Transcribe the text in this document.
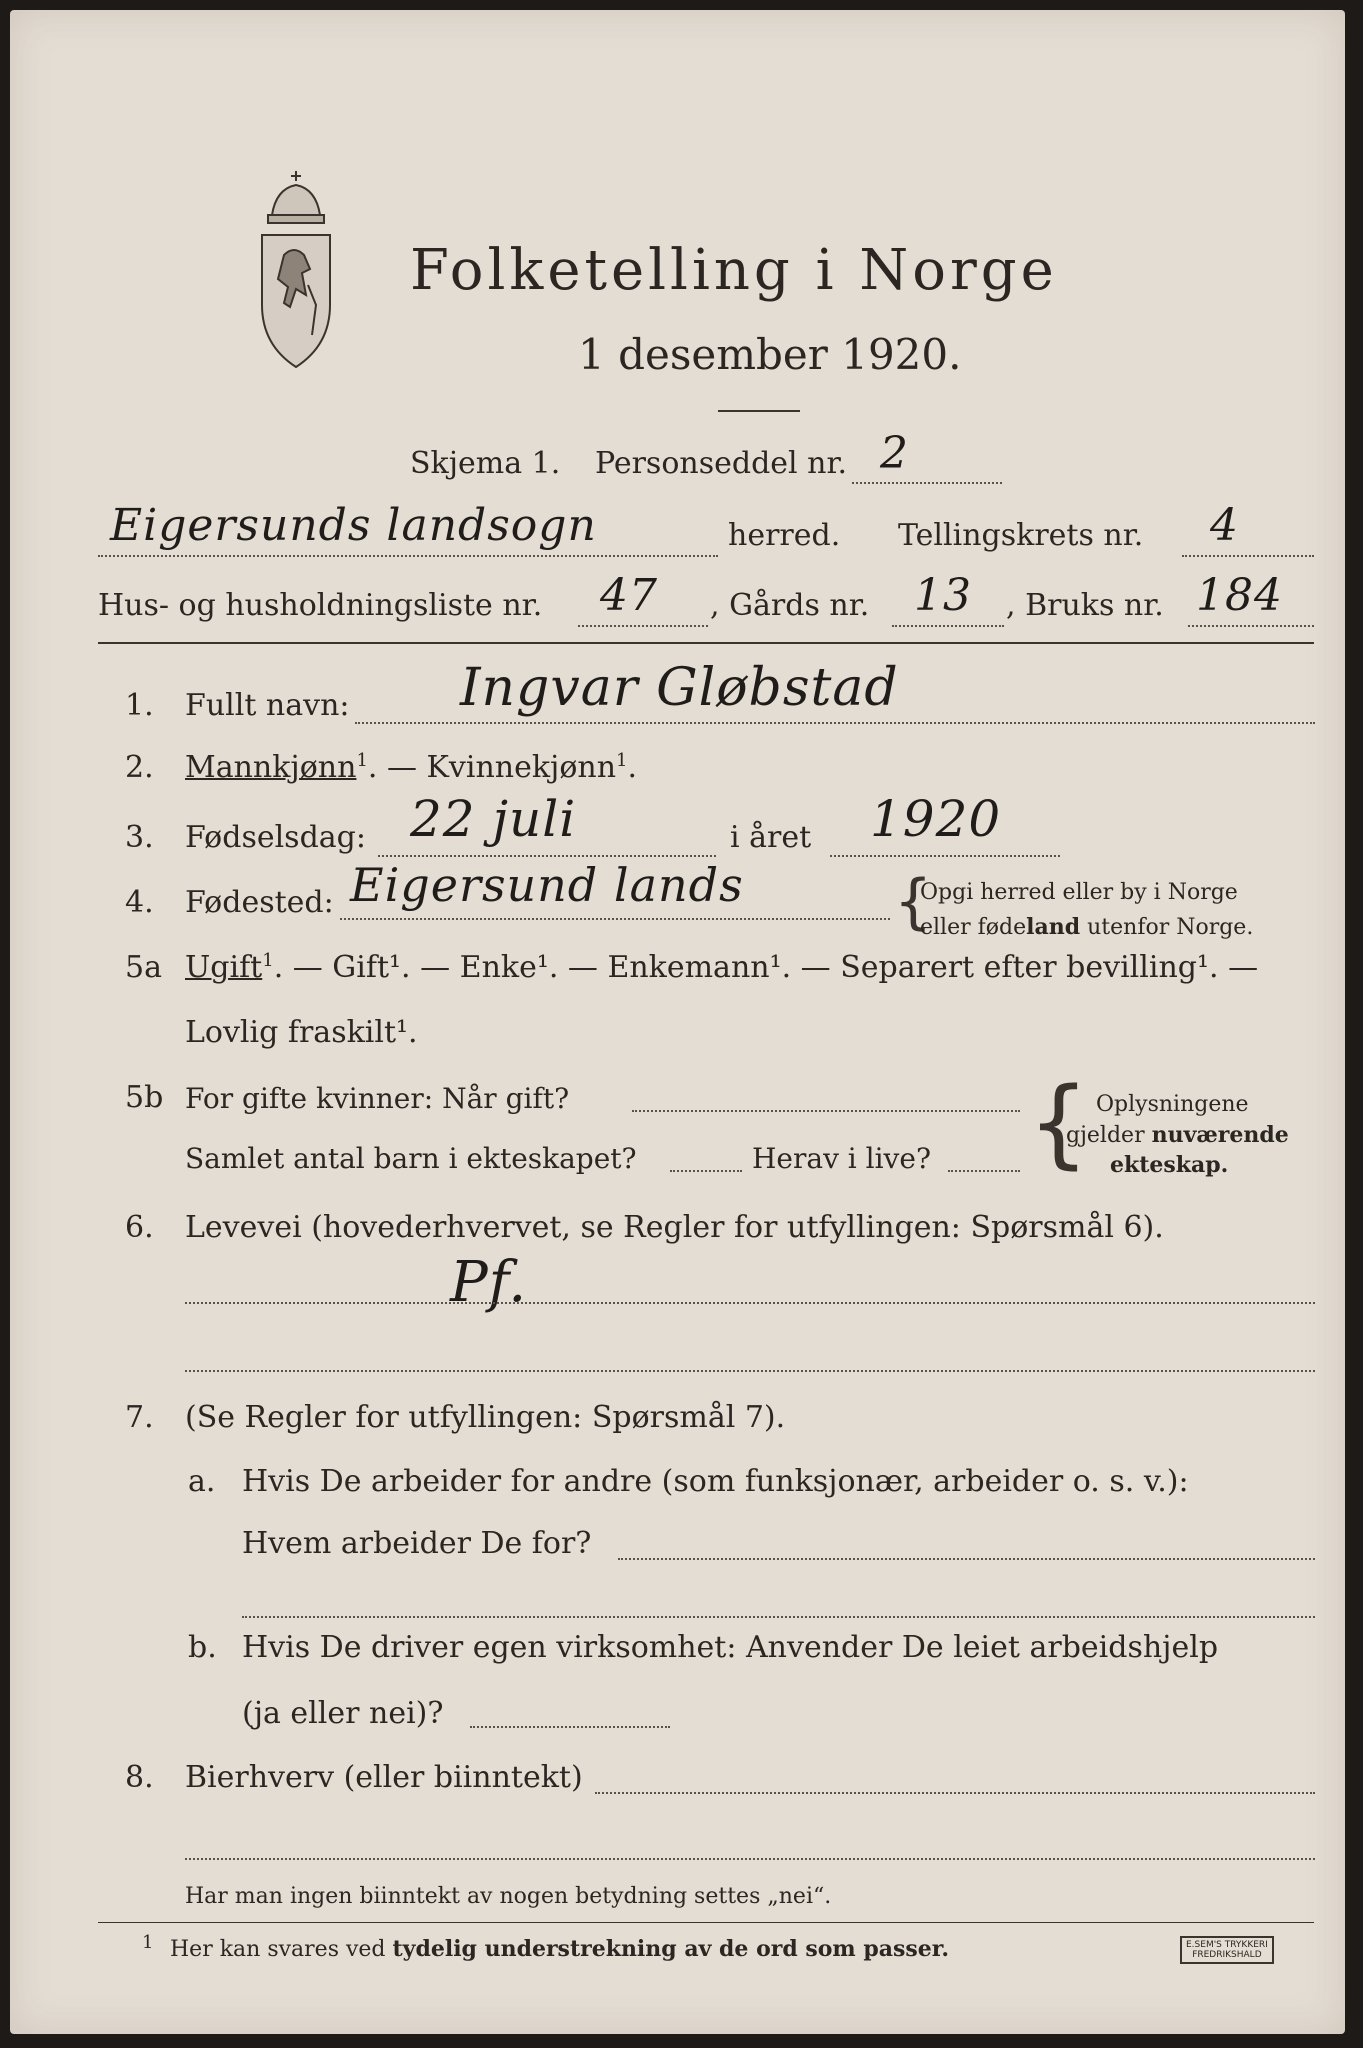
Folketelling i Norge
1 desember 1920.
Skjema 1. Personseddel nr. 2
Eigersunds landsogn	herred. Tellingskrets nr. 4
Hus- og husholdningsliste nr. 47 , Gårds nr. 13 , Bruks nr. 184
1. Fullt navn: Ingvar Gløbstad
2. Mannkjønn$^1$. — Kvinnekjønn$^1$.
3. Fødselsdag: 22 juli	i året 1920
4. Fødested: Eigersund lands	{
Opgi herred eller by i Norge
eller fødeland utenfor Norge.
5a Ugift$^1$. — Gift¹. — Enke¹. — Enkemann¹. — Separert efter bevilling¹. —
Lovlig fraskilt¹.
5b For gifte kvinner: Når gift?
Samlet antal barn i ekteskapet?	Herav i live? { Oplysningene
gjelder nuværende
ekteskap.
6. Levevei (hovederhvervet, se Regler for utfyllingen: Spørsmål 6).
Pf.
7. (Se Regler for utfyllingen: Spørsmål 7).
a. Hvis De arbeider for andre (som funksjonær, arbeider o. s. v.):
Hvem arbeider De for?
b. Hvis De driver egen virksomhet: Anvender De leiet arbeidshjelp
(ja eller nei)?
8. Bierhverv (eller biinntekt)
Har man ingen biinntekt av nogen betydning settes „nei“.
1 Her kan svares ved tydelig understrekning av de ord som passer.	E.SEM'S TRYKKERI
FREDRIKSHALD
